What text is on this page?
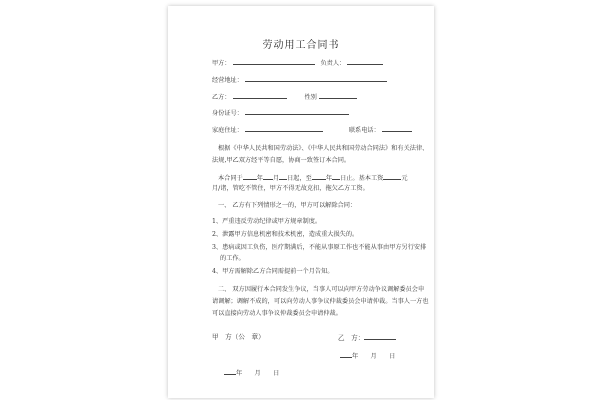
劳动用工合同书
甲方：	负责人：
经营地址：
乙方：	性别
身份证号：
家庭住址：	联系电话：
根据《中华人民共和国劳动法》、《中华人民共和国劳动合同法》和有关法律、
法规,甲乙双方经平等自愿，协商一致签订本合同。
本合同于 年 月 日起，至 年 日止。基本工资	元
月/诸，管吃不管住，甲方不得无故克扣，拖欠乙方工资。
一、 乙方有下列情形之一的，甲方可以解除合同：
1、严重违反劳动纪律或甲方规章制度。
2、泄露甲方信息机密和技术机密，造成重大损失的。
3、患病或因工负伤，医疗期满后，不能从事原工作也不能从事由甲方另行安排
的工作。
4、甲方需解除乙方合同需提前一个月告知。
二、 双方因履行本合同发生争议，当事人可以向甲方劳动争议调解委员会申
请调解；调解不成的，可以向劳动人事争议仲裁委员会申请仲裁。当事人一方也
可以直接向劳动人事争议仲裁委员会申请仲裁。
甲　方（公　章）	乙　方：
年　　月　　日
年　　月　　日
